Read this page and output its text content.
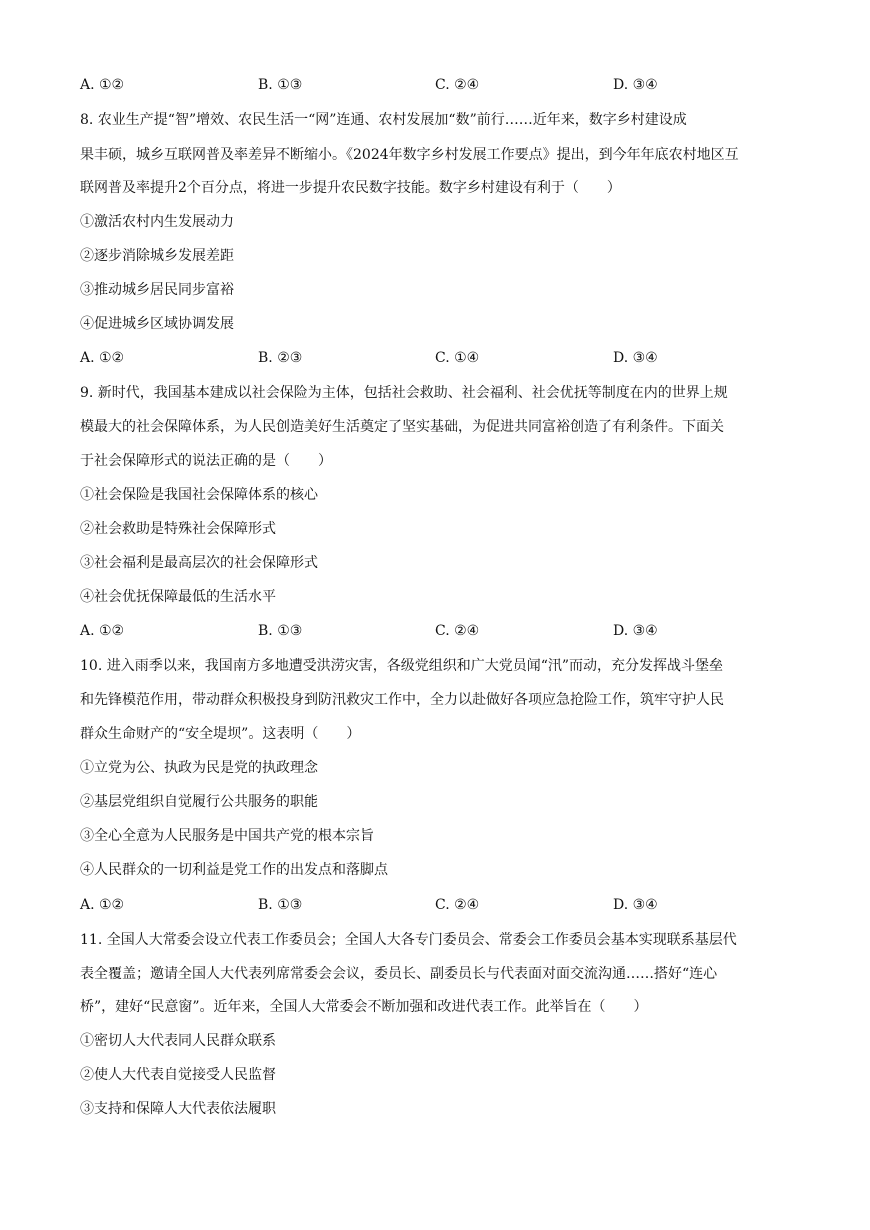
A. ①②	B. ①③	C. ②④	D. ③④
8. 农业生产提“智”增效、农民生活一“网”连通、农村发展加“数”前行……近年来，数字乡村建设成
果丰硕，城乡互联网普及率差异不断缩小。《2024年数字乡村发展工作要点》提出，到今年年底农村地区互
联网普及率提升2个百分点，将进一步提升农民数字技能。数字乡村建设有利于（　　）
①激活农村内生发展动力
②逐步消除城乡发展差距
③推动城乡居民同步富裕
④促进城乡区域协调发展
A. ①②	B. ②③	C. ①④	D. ③④
9. 新时代，我国基本建成以社会保险为主体，包括社会救助、社会福利、社会优抚等制度在内的世界上规
模最大的社会保障体系，为人民创造美好生活奠定了坚实基础，为促进共同富裕创造了有利条件。下面关
于社会保障形式的说法正确的是（　　）
①社会保险是我国社会保障体系的核心
②社会救助是特殊社会保障形式
③社会福利是最高层次的社会保障形式
④社会优抚保障最低的生活水平
A. ①②	B. ①③	C. ②④	D. ③④
10. 进入雨季以来，我国南方多地遭受洪涝灾害，各级党组织和广大党员闻“汛”而动，充分发挥战斗堡垒
和先锋模范作用，带动群众积极投身到防汛救灾工作中，全力以赴做好各项应急抢险工作，筑牢守护人民
群众生命财产的“安全堤坝”。这表明（　　）
①立党为公、执政为民是党的执政理念
②基层党组织自觉履行公共服务的职能
③全心全意为人民服务是中国共产党的根本宗旨
④人民群众的一切利益是党工作的出发点和落脚点
A. ①②	B. ①③	C. ②④	D. ③④
11. 全国人大常委会设立代表工作委员会；全国人大各专门委员会、常委会工作委员会基本实现联系基层代
表全覆盖；邀请全国人大代表列席常委会会议，委员长、副委员长与代表面对面交流沟通……搭好“连心
桥”，建好“民意窗”。近年来，全国人大常委会不断加强和改进代表工作。此举旨在（　　）
①密切人大代表同人民群众联系
②使人大代表自觉接受人民监督
③支持和保障人大代表依法履职
